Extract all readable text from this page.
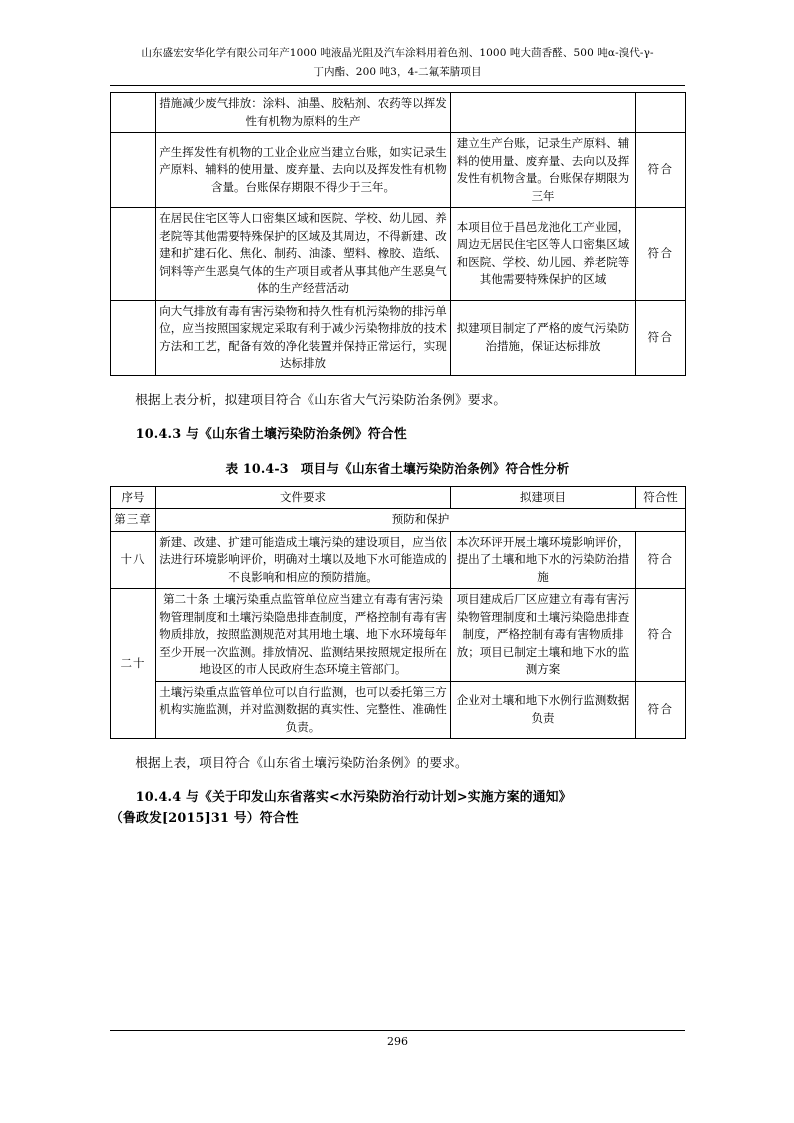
山东盛宏安华化学有限公司年产1000 吨液晶光阻及汽车涂料用着色剂、1000 吨大茴香醛、500 吨α-溴代-γ-
丁内酯、200 吨3，4-二氟苯腈项目
	措施减少废气排放：涂料、油墨、胶粘剂、农药等以挥发性有机物为原料的生产		
	产生挥发性有机物的工业企业应当建立台账，如实记录生产原料、辅料的使用量、废弃量、去向以及挥发性有机物含量。台账保存期限不得少于三年。	建立生产台账，记录生产原料、辅料的使用量、废弃量、去向以及挥发性有机物含量。台账保存期限为三年	符合
	在居民住宅区等人口密集区域和医院、学校、幼儿园、养老院等其他需要特殊保护的区域及其周边，不得新建、改建和扩建石化、焦化、制药、油漆、塑料、橡胶、造纸、饲料等产生恶臭气体的生产项目或者从事其他产生恶臭气体的生产经营活动	本项目位于昌邑龙池化工产业园，周边无居民住宅区等人口密集区域和医院、学校、幼儿园、养老院等其他需要特殊保护的区域	符合
	向大气排放有毒有害污染物和持久性有机污染物的排污单位，应当按照国家规定采取有利于减少污染物排放的技术方法和工艺，配备有效的净化装置并保持正常运行，实现达标排放	拟建项目制定了严格的废气污染防治措施，保证达标排放	符合

根据上表分析，拟建项目符合《山东省大气污染防治条例》要求。

10.4.3 与《山东省土壤污染防治条例》符合性

表 10.4-3 项目与《山东省土壤污染防治条例》符合性分析

序号	文件要求	拟建项目	符合性
第三章	预防和保护		
十八	新建、改建、扩建可能造成土壤污染的建设项目，应当依法进行环境影响评价，明确对土壤以及地下水可能造成的不良影响和相应的预防措施。	本次环评开展土壤环境影响评价，提出了土壤和地下水的污染防治措施	符合
二十	第二十条 土壤污染重点监管单位应当建立有毒有害污染物管理制度和土壤污染隐患排查制度，严格控制有毒有害物质排放，按照监测规范对其用地土壤、地下水环境每年至少开展一次监测。排放情况、监测结果按照规定报所在地设区的市人民政府生态环境主管部门。	项目建成后厂区应建立有毒有害污染物管理制度和土壤污染隐患排查制度，严格控制有毒有害物质排放；项目已制定土壤和地下水的监测方案	符合
	土壤污染重点监管单位可以自行监测，也可以委托第三方机构实施监测，并对监测数据的真实性、完整性、准确性负责。	企业对土壤和地下水例行监测数据负责	符合

根据上表，项目符合《山东省土壤污染防治条例》的要求。

10.4.4 与《关于印发山东省落实<水污染防治行动计划>实施方案的通知》
（鲁政发[2015]31 号）符合性
296
